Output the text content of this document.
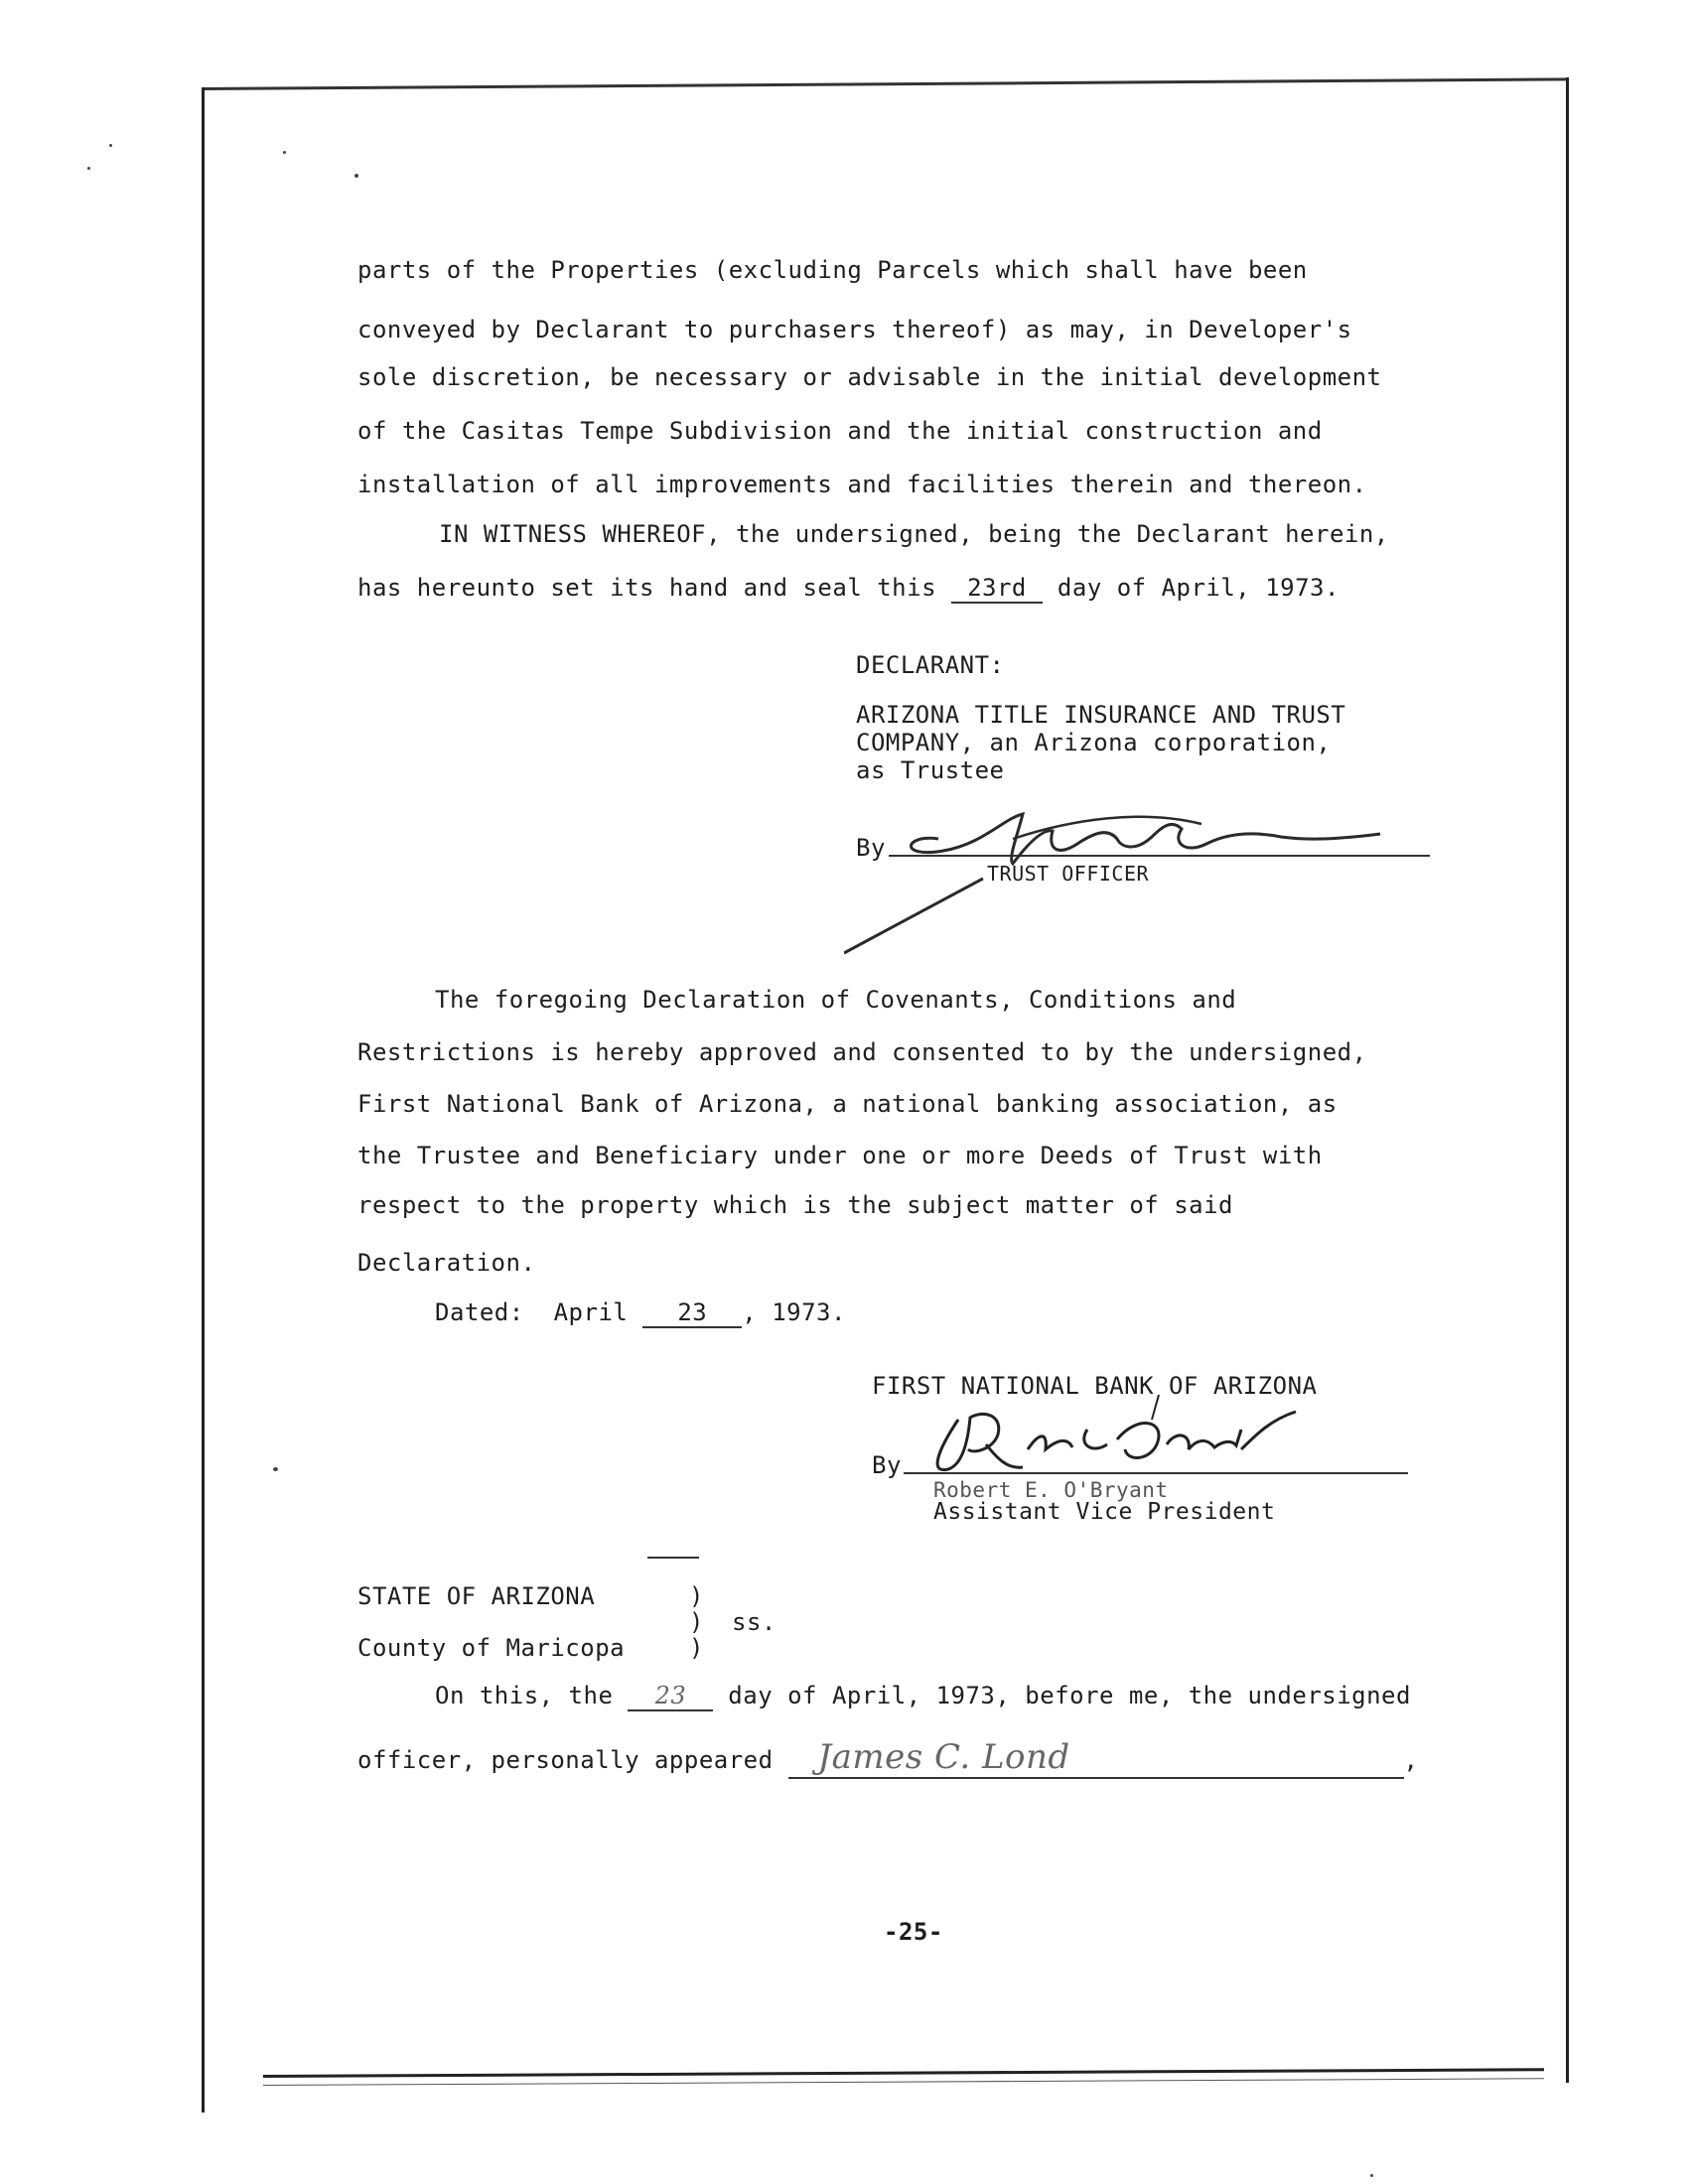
parts of the Properties (excluding Parcels which shall have been
conveyed by Declarant to purchasers thereof) as may, in Developer's
sole discretion, be necessary or advisable in the initial development
of the Casitas Tempe Subdivision and the initial construction and
installation of all improvements and facilities therein and thereon.
IN WITNESS WHEREOF, the undersigned, being the Declarant herein,
has hereunto set its hand and seal this 23rd day of April, 1973.
DECLARANT:
ARIZONA TITLE INSURANCE AND TRUST
COMPANY, an Arizona corporation,
as Trustee
By
TRUST OFFICER
The foregoing Declaration of Covenants, Conditions and
Restrictions is hereby approved and consented to by the undersigned,
First National Bank of Arizona, a national banking association, as
the Trustee and Beneficiary under one or more Deeds of Trust with
respect to the property which is the subject matter of said
Declaration.
Dated:  April 23 , 1973.
FIRST NATIONAL BANK OF ARIZONA
By
Robert E. O'Bryant
Assistant Vice President
STATE OF ARIZONA	)
) ss.
County of Maricopa	)
On this, the 23 day of April, 1973, before me, the undersigned
officer, personally appeared James C. Lond	,
-25-
